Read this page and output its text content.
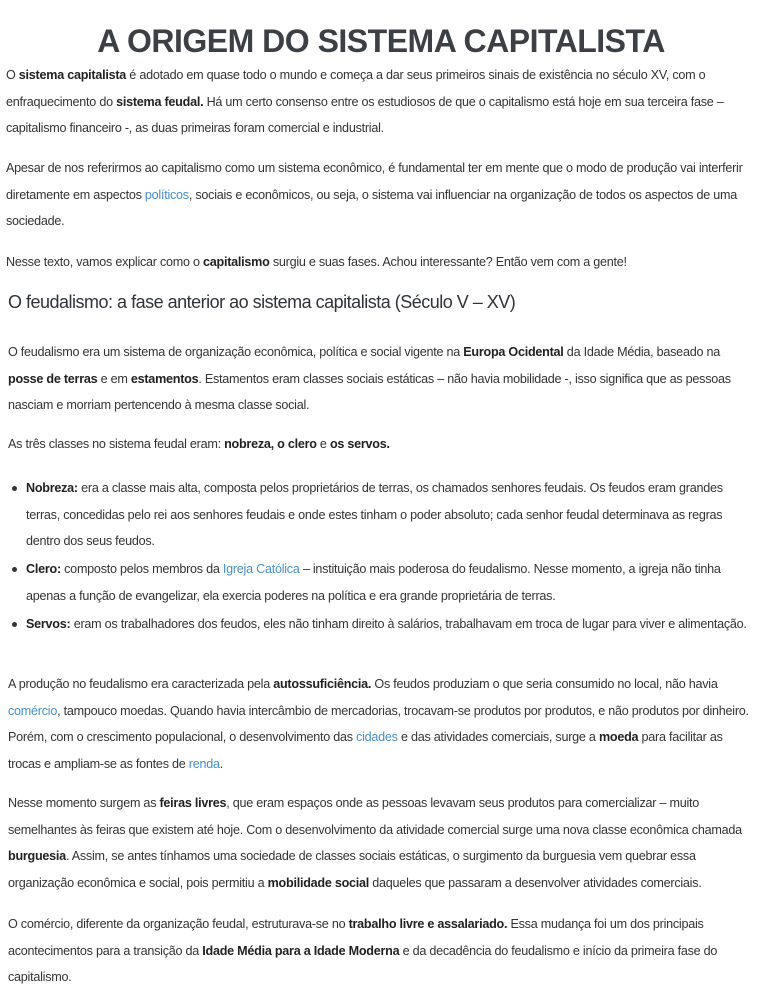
A ORIGEM DO SISTEMA CAPITALISTA

O sistema capitalista é adotado em quase todo o mundo e começa a dar seus primeiros sinais de existência no século XV, com o enfraquecimento do sistema feudal. Há um certo consenso entre os estudiosos de que o capitalismo está hoje em sua terceira fase – capitalismo financeiro -, as duas primeiras foram comercial e industrial.

Apesar de nos referirmos ao capitalismo como um sistema econômico, é fundamental ter em mente que o modo de produção vai interferir diretamente em aspectos políticos, sociais e econômicos, ou seja, o sistema vai influenciar na organização de todos os aspectos de uma sociedade.

Nesse texto, vamos explicar como o capitalismo surgiu e suas fases. Achou interessante? Então vem com a gente!

O feudalismo: a fase anterior ao sistema capitalista (Século V – XV)

O feudalismo era um sistema de organização econômica, política e social vigente na Europa Ocidental da Idade Média, baseado na posse de terras e em estamentos. Estamentos eram classes sociais estáticas – não havia mobilidade -, isso significa que as pessoas nasciam e morriam pertencendo à mesma classe social.

As três classes no sistema feudal eram: nobreza, o clero e os servos.

Nobreza: era a classe mais alta, composta pelos proprietários de terras, os chamados senhores feudais. Os feudos eram grandes terras, concedidas pelo rei aos senhores feudais e onde estes tinham o poder absoluto; cada senhor feudal determinava as regras dentro dos seus feudos.
Clero: composto pelos membros da Igreja Católica – instituição mais poderosa do feudalismo. Nesse momento, a igreja não tinha apenas a função de evangelizar, ela exercia poderes na política e era grande proprietária de terras.
Servos: eram os trabalhadores dos feudos, eles não tinham direito à salários, trabalhavam em troca de lugar para viver e alimentação.

A produção no feudalismo era caracterizada pela autossuficiência. Os feudos produziam o que seria consumido no local, não havia comércio, tampouco moedas. Quando havia intercâmbio de mercadorias, trocavam-se produtos por produtos, e não produtos por dinheiro. Porém, com o crescimento populacional, o desenvolvimento das cidades e das atividades comerciais, surge a moeda para facilitar as trocas e ampliam-se as fontes de renda.

Nesse momento surgem as feiras livres, que eram espaços onde as pessoas levavam seus produtos para comercializar – muito semelhantes às feiras que existem até hoje. Com o desenvolvimento da atividade comercial surge uma nova classe econômica chamada burguesia. Assim, se antes tínhamos uma sociedade de classes sociais estáticas, o surgimento da burguesia vem quebrar essa organização econômica e social, pois permitiu a mobilidade social daqueles que passaram a desenvolver atividades comerciais.

O comércio, diferente da organização feudal, estruturava-se no trabalho livre e assalariado. Essa mudança foi um dos principais acontecimentos para a transição da Idade Média para a Idade Moderna e da decadência do feudalismo e início da primeira fase do capitalismo.
